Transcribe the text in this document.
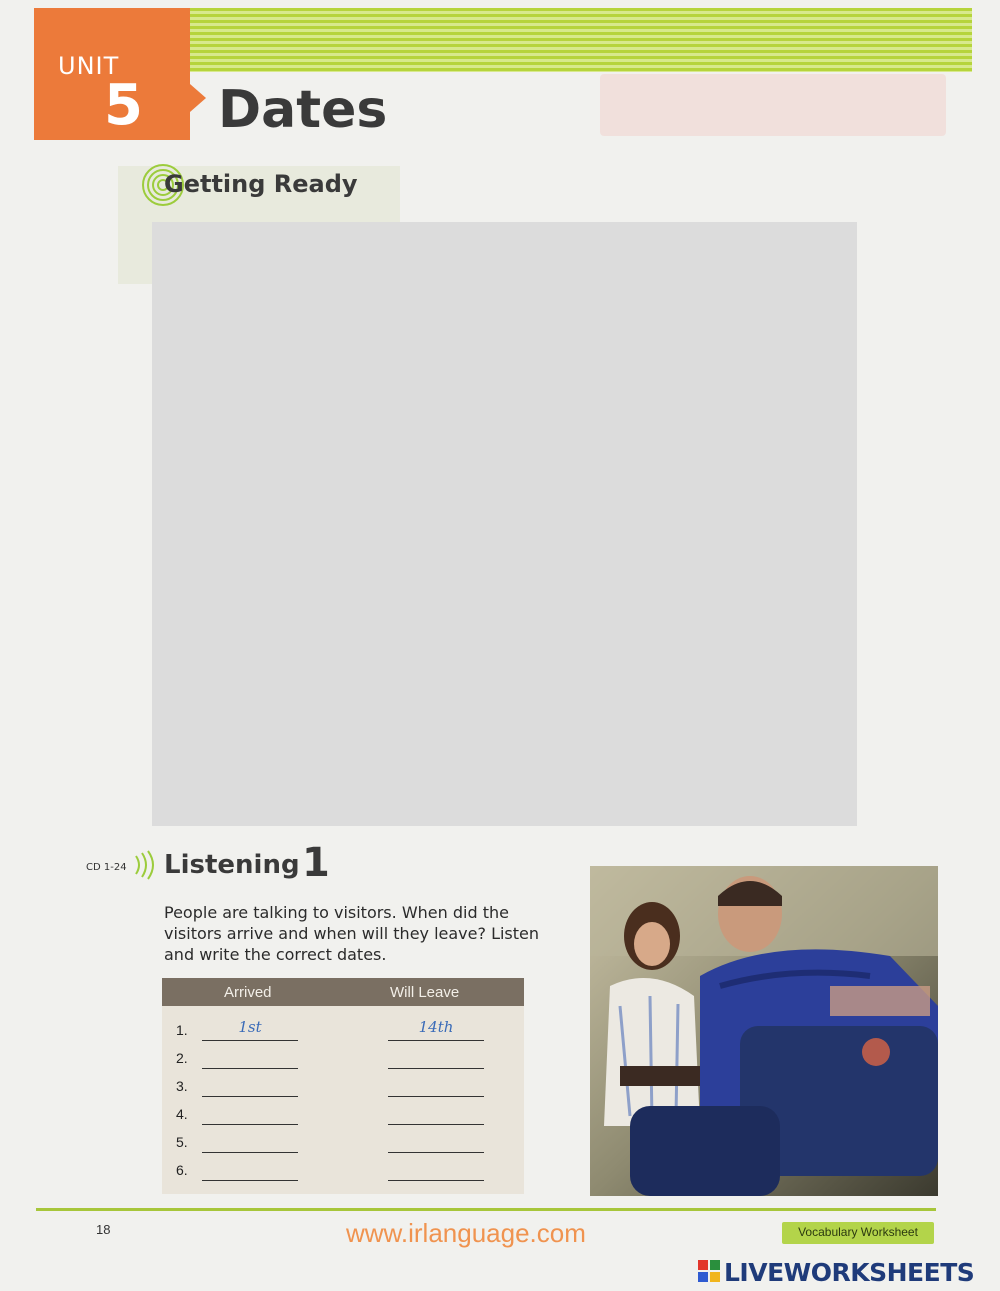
UNIT
5 Dates
Getting Ready
CD 1-24 Listening 1
People are talking to visitors. When did the visitors arrive and when will they leave? Listen and write the correct dates.
Arrived	Will Leave
1.	1st	14th
2.
3.
4.
5.
6.
18	www.irlanguage.com	Vocabulary Worksheet
LIVEWORKSHEETS
